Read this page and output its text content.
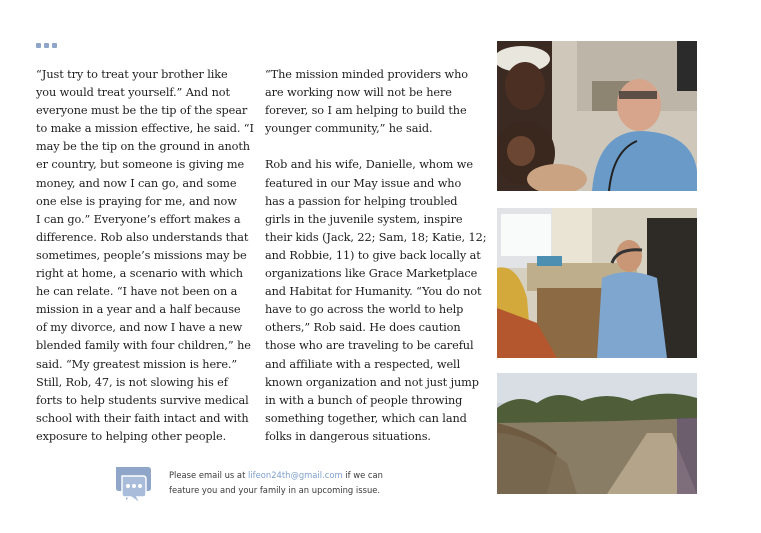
“Just try to treat your brother like
you would treat yourself.” And not
everyone must be the tip of the spear
to make a mission effective, he said. “I
may be the tip on the ground in anoth
er country, but someone is giving me
money, and now I can go, and some
one else is praying for me, and now
I can go.” Everyone’s effort makes a
difference. Rob also understands that
sometimes, people’s missions may be
right at home, a scenario with which
he can relate. “I have not been on a
mission in a year and a half because
of my divorce, and now I have a new
blended family with four children,” he
said. “My greatest mission is here.”
Still, Rob, 47, is not slowing his ef
forts to help students survive medical
school with their faith intact and with
exposure to helping other people.
“The mission minded providers who
are working now will not be here
forever, so I am helping to build the
younger community,” he said.

Rob and his wife, Danielle, whom we
featured in our May issue and who
has a passion for helping troubled
girls in the juvenile system, inspire
their kids (Jack, 22; Sam, 18; Katie, 12;
and Robbie, 11) to give back locally at
organizations like Grace Marketplace
and Habitat for Humanity. “You do not
have to go across the world to help
others,” Rob said. He does caution
those who are traveling to be careful
and affiliate with a respected, well
known organization and not just jump
in with a bunch of people throwing
something together, which can land
folks in dangerous situations.
Please email us at lifeon24th@gmail.com if we can
feature you and your family in an upcoming issue.
